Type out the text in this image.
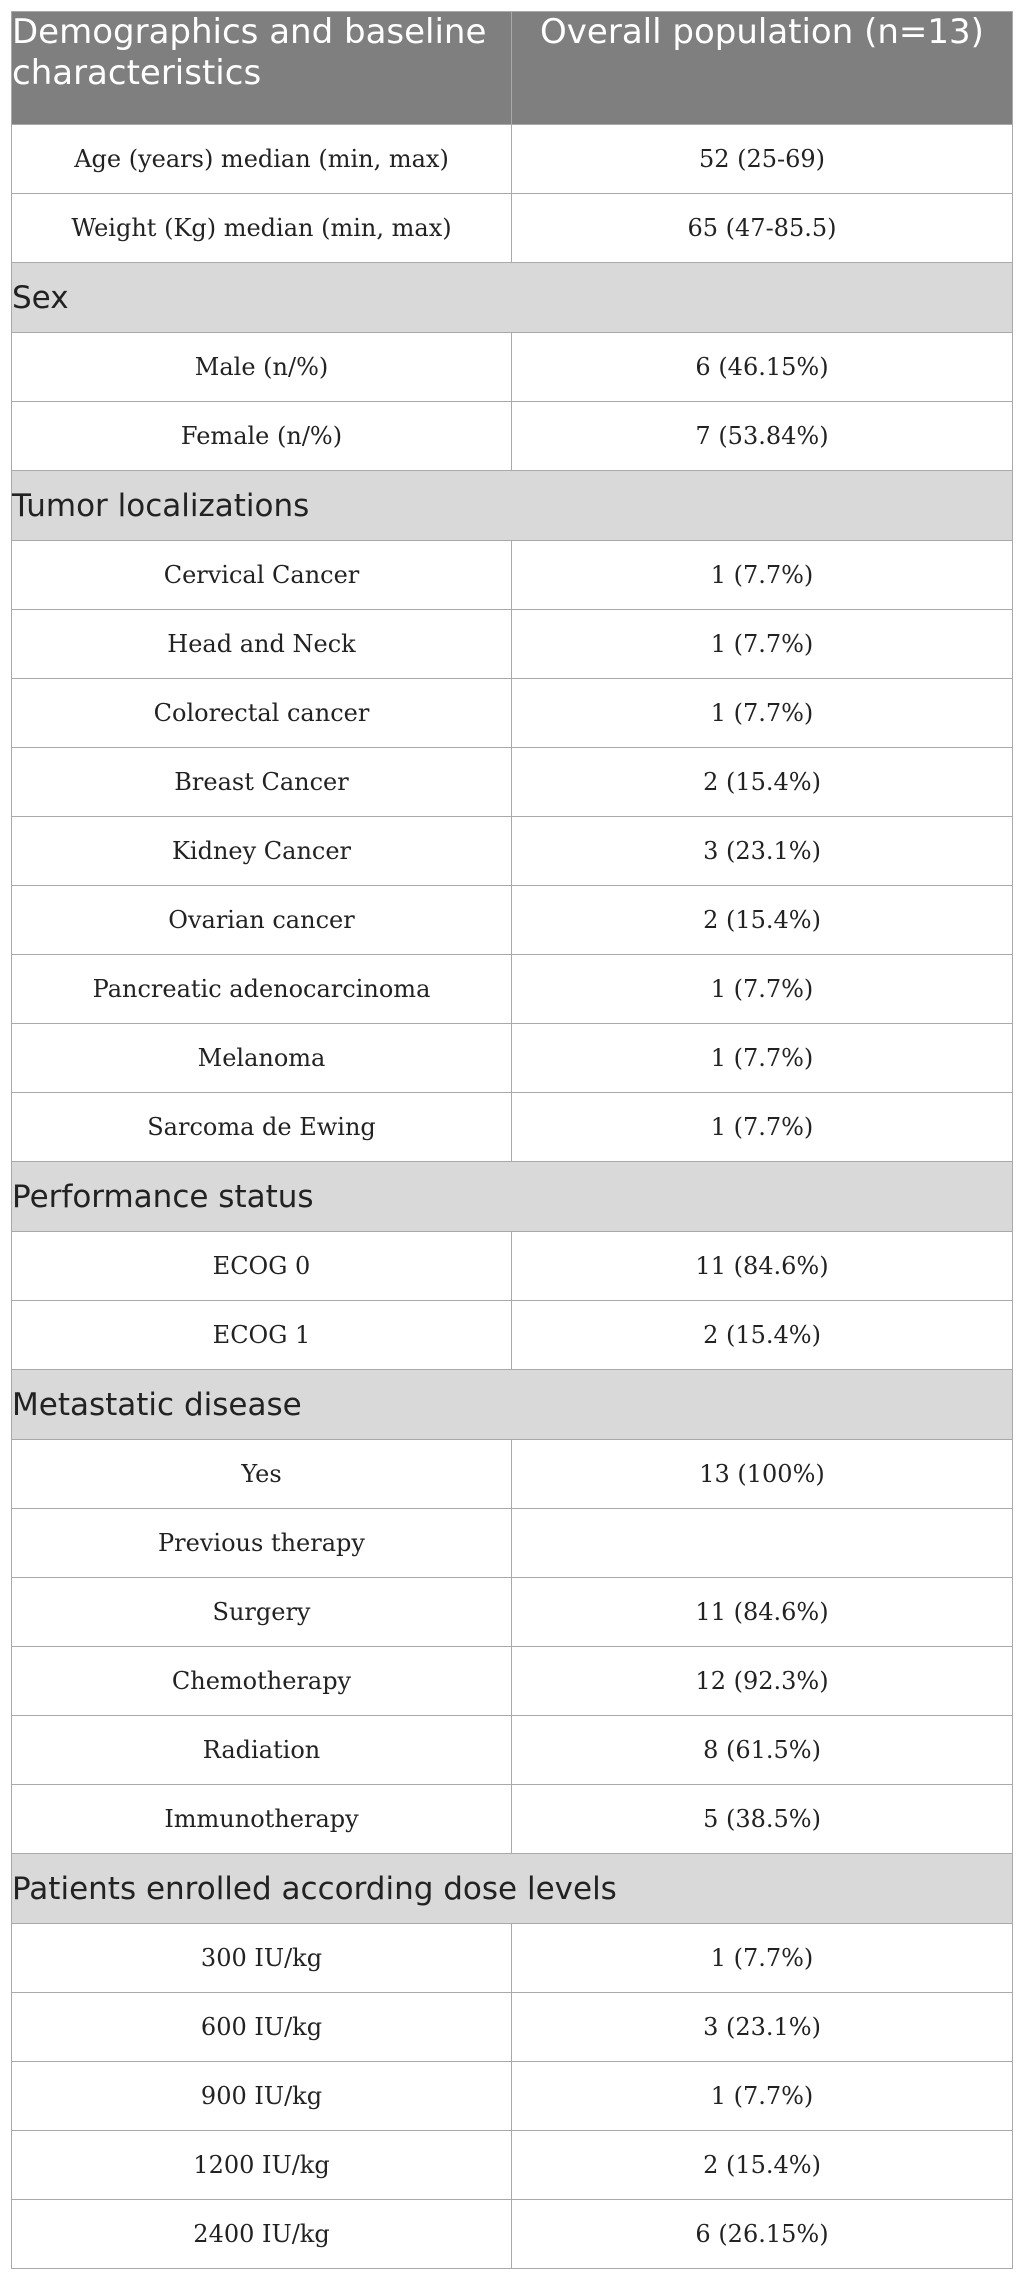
Demographics and baseline characteristics	Overall population (n=13)
Age (years) median (min, max)	52 (25-69)
Weight (Kg) median (min, max)	65 (47-85.5)
Sex	
Male (n/%)	6 (46.15%)
Female (n/%)	7 (53.84%)
Tumor localizations	
Cervical Cancer	1 (7.7%)
Head and Neck	1 (7.7%)
Colorectal cancer	1 (7.7%)
Breast Cancer	2 (15.4%)
Kidney Cancer	3 (23.1%)
Ovarian cancer	2 (15.4%)
Pancreatic adenocarcinoma	1 (7.7%)
Melanoma	1 (7.7%)
Sarcoma de Ewing	1 (7.7%)
Performance status	
ECOG 0	11 (84.6%)
ECOG 1	2 (15.4%)
Metastatic disease	
Yes	13 (100%)
Previous therapy	
Surgery	11 (84.6%)
Chemotherapy	12 (92.3%)
Radiation	8 (61.5%)
Immunotherapy	5 (38.5%)
Patients enrolled according dose levels	
300 IU/kg	1 (7.7%)
600 IU/kg	3 (23.1%)
900 IU/kg	1 (7.7%)
1200 IU/kg	2 (15.4%)
2400 IU/kg	6 (26.15%)
